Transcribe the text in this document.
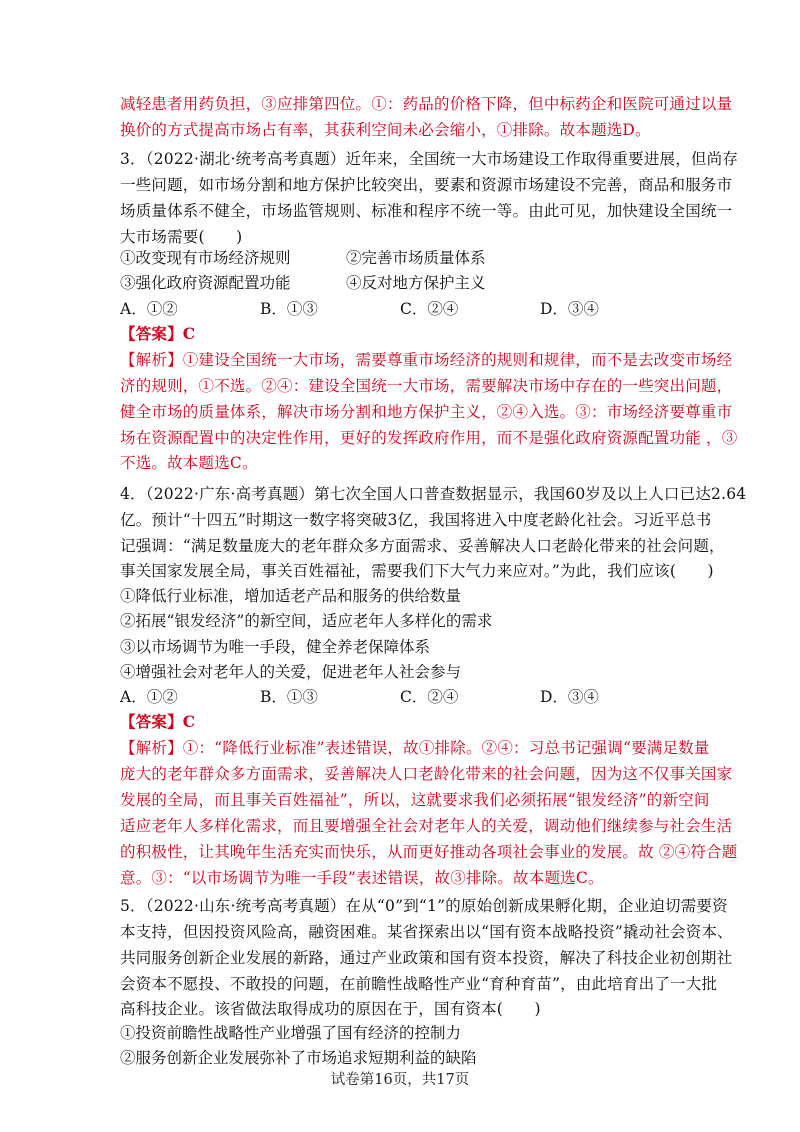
减轻患者用药负担，③应排第四位。①：药品的价格下降，但中标药企和医院可通过以量
换价的方式提高市场占有率，其获利空间未必会缩小，①排除。故本题选D。
3．（2022·湖北·统考高考真题）近年来，全国统一大市场建设工作取得重要进展，但尚存
一些问题，如市场分割和地方保护比较突出，要素和资源市场建设不完善，商品和服务市
场质量体系不健全，市场监管规则、标准和程序不统一等。由此可见，加快建设全国统一
大市场需要(　　)
①改变现有市场经济规则	②完善市场质量体系
③强化政府资源配置功能	④反对地方保护主义
A．①②	B．①③	C．②④	D．③④
【答案】C
【解析】①建设全国统一大市场，需要尊重市场经济的规则和规律，而不是去改变市场经
济的规则，①不选。②④：建设全国统一大市场，需要解决市场中存在的一些突出问题，
健全市场的质量体系，解决市场分割和地方保护主义，②④入选。③：市场经济要尊重市
场在资源配置中的决定性作用，更好的发挥政府作用，而不是强化政府资源配置功能 ，③
不选。故本题选C。
4．（2022·广东·高考真题）第七次全国人口普查数据显示，我国60岁及以上人口已达2.64
亿。预计“十四五”时期这一数字将突破3亿，我国将进入中度老龄化社会。习近平总书
记强调：“满足数量庞大的老年群众多方面需求、妥善解决人口老龄化带来的社会问题，
事关国家发展全局，事关百姓福祉，需要我们下大气力来应对。”为此，我们应该(　　)
①降低行业标准，增加适老产品和服务的供给数量
②拓展“银发经济”的新空间，适应老年人多样化的需求
③以市场调节为唯一手段，健全养老保障体系
④增强社会对老年人的关爱，促进老年人社会参与
A．①②	B．①③	C．②④	D．③④
【答案】C
【解析】①：“降低行业标准”表述错误，故①排除。②④：习总书记强调“要满足数量
庞大的老年群众多方面需求，妥善解决人口老龄化带来的社会问题，因为这不仅事关国家
发展的全局，而且事关百姓福祉”，所以，这就要求我们必须拓展“银发经济”的新空间
适应老年人多样化需求，而且要增强全社会对老年人的关爱，调动他们继续参与社会生活
的积极性，让其晚年生活充实而快乐，从而更好推动各项社会事业的发展。故 ②④符合题
意。③：“以市场调节为唯一手段”表述错误，故③排除。故本题选C。
5．（2022·山东·统考高考真题）在从“0”到“1”的原始创新成果孵化期，企业迫切需要资
本支持，但因投资风险高，融资困难。某省探索出以“国有资本战略投资”撬动社会资本、
共同服务创新企业发展的新路，通过产业政策和国有资本投资，解决了科技企业初创期社
会资本不愿投、不敢投的问题，在前瞻性战略性产业“育种育苗”，由此培育出了一大批
高科技企业。该省做法取得成功的原因在于，国有资本(　　)
①投资前瞻性战略性产业增强了国有经济的控制力
②服务创新企业发展弥补了市场追求短期利益的缺陷
试卷第16页，共17页
